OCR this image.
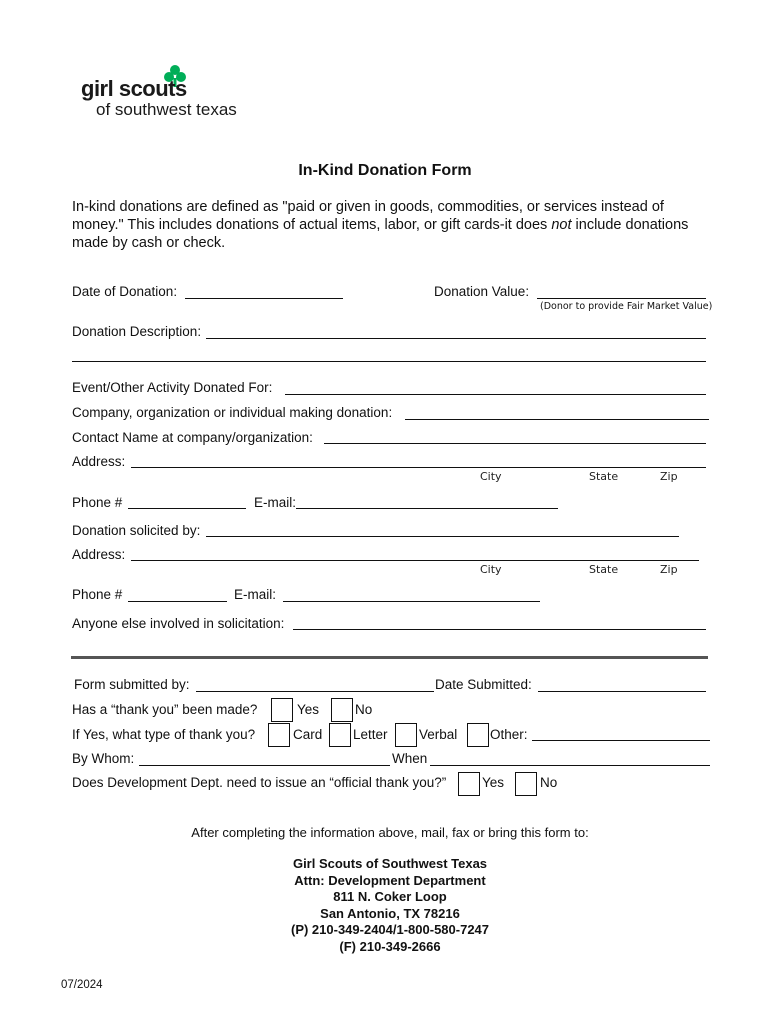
girl scouts
of southwest texas
In-Kind Donation Form
In-kind donations are defined as "paid or given in goods, commodities, or services instead of money." This includes donations of actual items, labor, or gift cards-it does not include donations made by cash or check.
Date of Donation:	Donation Value:
(Donor to provide Fair Market Value)
Donation Description:
Event/Other Activity Donated For:
Company, organization or individual making donation:
Contact Name at company/organization:
Address:
City	State	Zip
Phone #	E-mail:
Donation solicited by:
Address:
City	State	Zip
Phone #	E-mail:
Anyone else involved in solicitation:
Form submitted by:	Date Submitted:
Has a “thank you” been made?	Yes	No
If Yes, what type of thank you?	Card Letter Verbal Other:
By Whom:	When
Does Development Dept. need to issue an “official thank you?”	Yes	No
After completing the information above, mail, fax or bring this form to:
Girl Scouts of Southwest Texas
Attn: Development Department
811 N. Coker Loop
San Antonio, TX 78216
(P) 210-349-2404/1-800-580-7247
(F) 210-349-2666
07/2024
